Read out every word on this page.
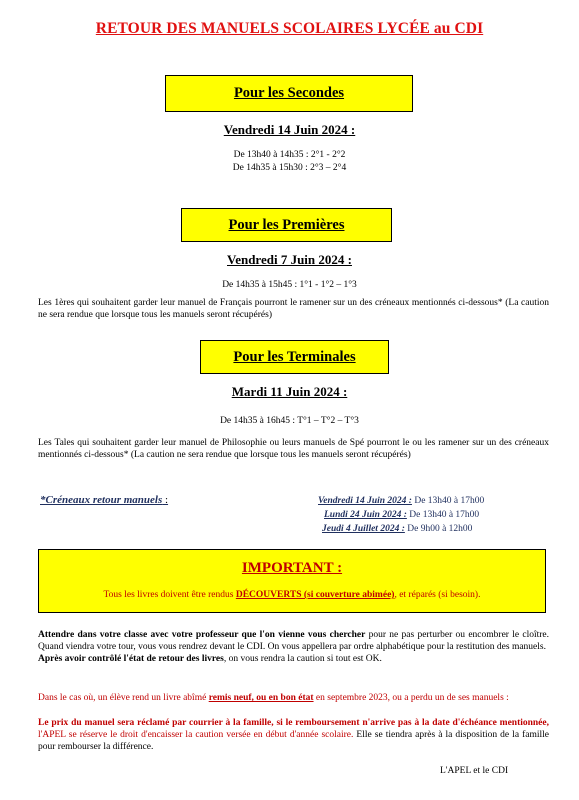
RETOUR DES MANUELS SCOLAIRES LYCÉE au CDI
Pour les Secondes
Vendredi 14 Juin 2024 :
De 13h40 à 14h35 : 2°1 - 2°2
De 14h35 à 15h30 : 2°3 – 2°4
Pour les Premières
Vendredi 7 Juin 2024 :
De 14h35 à 15h45 : 1°1 - 1°2 – 1°3
Les 1ères qui souhaitent garder leur manuel de Français pourront le ramener sur un des créneaux mentionnés ci-dessous* (La caution ne sera rendue que lorsque tous les manuels seront récupérés)
Pour les Terminales
Mardi 11 Juin 2024 :
De 14h35 à 16h45 : T°1 – T°2 – T°3
Les Tales qui souhaitent garder leur manuel de Philosophie ou leurs manuels de Spé pourront le ou les ramener sur un des créneaux mentionnés ci-dessous* (La caution ne sera rendue que lorsque tous les manuels seront récupérés)
*Créneaux retour manuels :	Vendredi 14 Juin 2024 : De 13h40 à 17h00
Lundi 24 Juin 2024 : De 13h40 à 17h00
Jeudi 4 Juillet 2024 : De 9h00 à 12h00
IMPORTANT :
Tous les livres doivent être rendus DÉCOUVERTS (si couverture abimée), et réparés (si besoin).
Attendre dans votre classe avec votre professeur que l'on vienne vous chercher pour ne pas perturber ou encombrer le cloître. Quand viendra votre tour, vous vous rendrez devant le CDI. On vous appellera par ordre alphabétique pour la restitution des manuels.
Après avoir contrôlé l'état de retour des livres, on vous rendra la caution si tout est OK.
Dans le cas où, un élève rend un livre abîmé remis neuf, ou en bon état en septembre 2023, ou a perdu un de ses manuels :
Le prix du manuel sera réclamé par courrier à la famille, si le remboursement n'arrive pas à la date d'échéance mentionnée, l'APEL se réserve le droit d'encaisser la caution versée en début d'année scolaire. Elle se tiendra après à la disposition de la famille pour rembourser la différence.
L'APEL et le CDI
